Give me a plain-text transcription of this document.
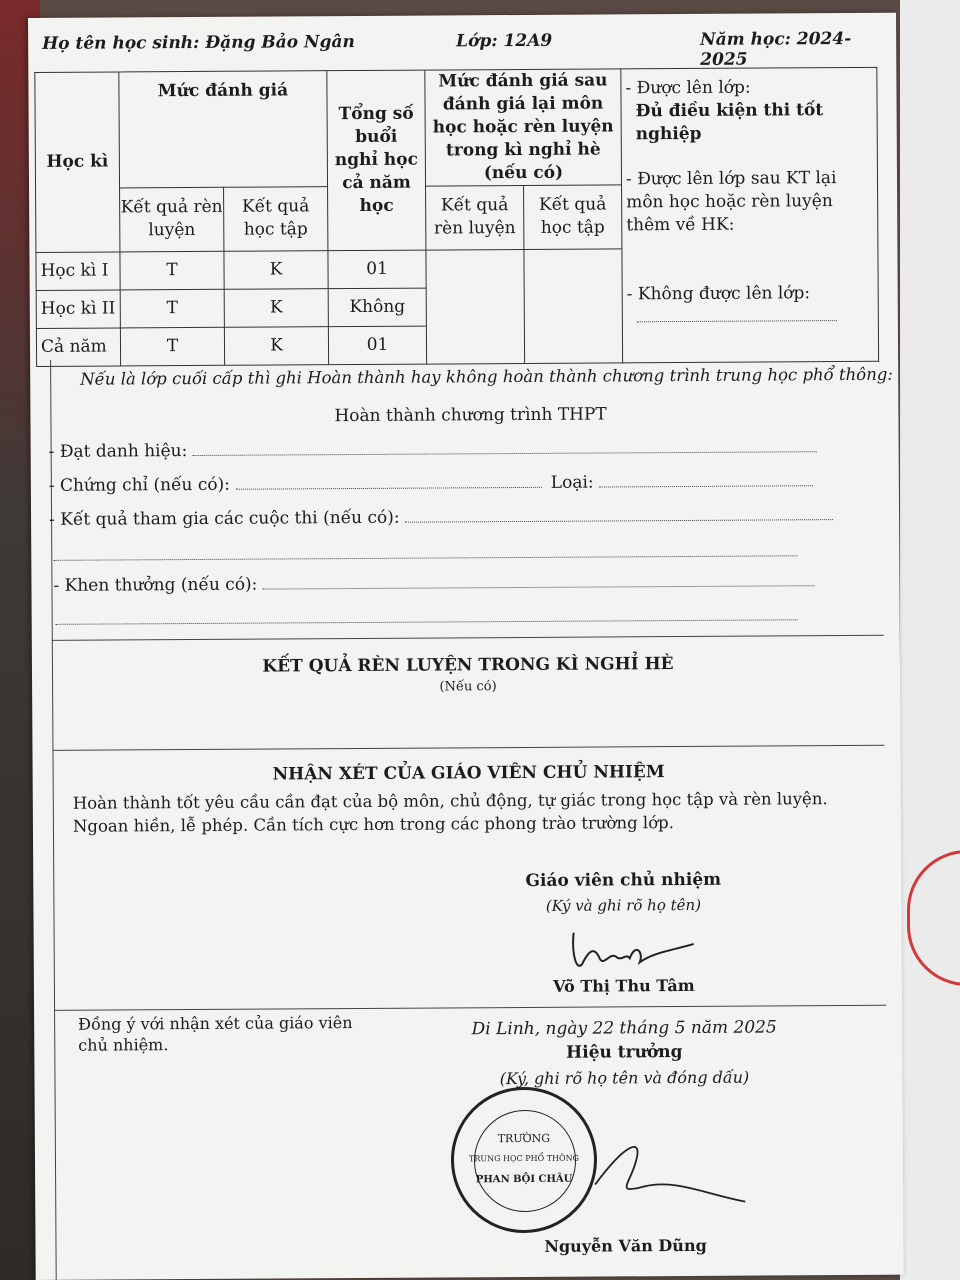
Họ tên học sinh: Đặng Bảo Ngân	Lớp: 12A9	Năm học: 2024-2025
Học kì	Mức đánh giá		Tổng số buổi nghỉ học cả năm học	Mức đánh giá sau đánh giá lại môn học hoặc rèn luyện trong kì nghỉ hè (nếu có)		- Được lên lớp:
Đủ điều kiện thi tốt nghiệp
- Được lên lớp sau KT lại môn học hoặc rèn luyện thêm về HK:
- Không được lên lớp:

	Kết quả rèn luyện	Kết quả học tập		Kết quả rèn luyện	Kết quả học tập	
Học kì I	T	K	01			
Học kì II	T	K	Không			
Cả năm	T	K	01			
Nếu là lớp cuối cấp thì ghi Hoàn thành hay không hoàn thành chương trình trung học phổ thông:
Hoàn thành chương trình THPT
- Đạt danh hiệu:
- Chứng chỉ (nếu có):	Loại:
- Kết quả tham gia các cuộc thi (nếu có):
- Khen thưởng (nếu có):
KẾT QUẢ RÈN LUYỆN TRONG KÌ NGHỈ HÈ
(Nếu có)
NHẬN XÉT CỦA GIÁO VIÊN CHỦ NHIỆM
Hoàn thành tốt yêu cầu cần đạt của bộ môn, chủ động, tự giác trong học tập và rèn luyện. Ngoan hiền, lễ phép. Cần tích cực hơn trong các phong trào trường lớp.
Giáo viên chủ nhiệm
(Ký và ghi rõ họ tên)
Võ Thị Thu Tâm
Đồng ý với nhận xét của giáo viên chủ nhiệm.
Di Linh, ngày 22 tháng 5 năm 2025
Hiệu trưởng
(Ký, ghi rõ họ tên và đóng dấu)
TRƯỜNG
TRUNG HỌC PHỔ THÔNG
PHAN BỘI CHÂU
Nguyễn Văn Dũng
